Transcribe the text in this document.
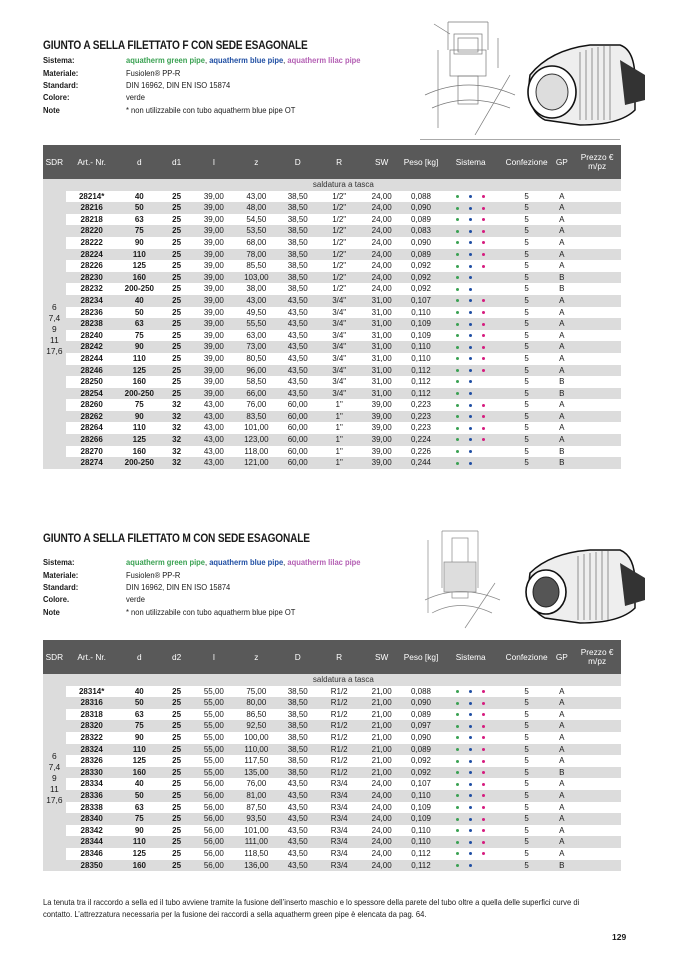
GIUNTO A SELLA FILETTATO F CON SEDE ESAGONALE
Sistema:	aquatherm green pipe, aquatherm blue pipe, aquatherm lilac pipe
Materiale:	Fusiolen® PP-R
Standard:	DIN 16962, DIN EN ISO 15874
Colore:	verde
Note	* non utilizzabile con tubo aquatherm blue pipe OT
SDR	Art.- Nr.	d	d1	l	z	D	R	SW	Peso [kg]	Sistema	Confezione	GP	Prezzo € m/pz
	saldatura a tasca												

6
7,4
9
11
17,6	28214*	40	25	39,00	43,00	38,50	1/2"	24,00	0,088		5	A	
	28216	50	25	39,00	48,00	38,50	1/2"	24,00	0,090		5	A	
	28218	63	25	39,00	54,50	38,50	1/2"	24,00	0,089		5	A	
	28220	75	25	39,00	53,50	38,50	1/2"	24,00	0,083		5	A	
	28222	90	25	39,00	68,00	38,50	1/2"	24,00	0,090		5	A	
	28224	110	25	39,00	78,00	38,50	1/2"	24,00	0,089		5	A	
	28226	125	25	39,00	85,50	38,50	1/2"	24,00	0,092		5	A	
	28230	160	25	39,00	103,00	38,50	1/2"	24,00	0,092		5	B	
	28232	200-250	25	39,00	38,00	38,50	1/2"	24,00	0,092		5	B	
	28234	40	25	39,00	43,00	43,50	3/4"	31,00	0,107		5	A	
	28236	50	25	39,00	49,50	43,50	3/4"	31,00	0,110		5	A	
	28238	63	25	39,00	55,50	43,50	3/4"	31,00	0,109		5	A	
	28240	75	25	39,00	63,00	43,50	3/4"	31,00	0,109		5	A	
	28242	90	25	39,00	73,00	43,50	3/4"	31,00	0,110		5	A	
	28244	110	25	39,00	80,50	43,50	3/4"	31,00	0,110		5	A	
	28246	125	25	39,00	96,00	43,50	3/4"	31,00	0,112		5	A	
	28250	160	25	39,00	58,50	43,50	3/4"	31,00	0,112		5	B	
	28254	200-250	25	39,00	66,00	43,50	3/4"	31,00	0,112		5	B	
	28260	75	32	43,00	76,00	60,00	1"	39,00	0,223		5	A	
	28262	90	32	43,00	83,50	60,00	1"	39,00	0,223		5	A	
	28264	110	32	43,00	101,00	60,00	1"	39,00	0,223		5	A	
	28266	125	32	43,00	123,00	60,00	1"	39,00	0,224		5	A	
	28270	160	32	43,00	118,00	60,00	1"	39,00	0,226		5	B	
	28274	200-250	32	43,00	121,00	60,00	1"	39,00	0,244		5	B	
GIUNTO A SELLA FILETTATO M CON SEDE ESAGONALE
Sistema:	aquatherm green pipe, aquatherm blue pipe, aquatherm lilac pipe
Materiale:	Fusiolen® PP-R
Standard:	DIN 16962, DIN EN ISO 15874
Colore.	verde
Note	* non utilizzabile con tubo aquatherm blue pipe OT
SDR	Art.- Nr.	d	d2	l	z	D	R	SW	Peso [kg]	Sistema	Confezione	GP	Prezzo € m/pz
	saldatura a tasca												

6
7,4
9
11
17,6	28314*	40	25	55,00	75,00	38,50	R1/2	21,00	0,088		5	A	
	28316	50	25	55,00	80,00	38,50	R1/2	21,00	0,090		5	A	
	28318	63	25	55,00	86,50	38,50	R1/2	21,00	0,089		5	A	
	28320	75	25	55,00	92,50	38,50	R1/2	21,00	0,097		5	A	
	28322	90	25	55,00	100,00	38,50	R1/2	21,00	0,090		5	A	
	28324	110	25	55,00	110,00	38,50	R1/2	21,00	0,089		5	A	
	28326	125	25	55,00	117,50	38,50	R1/2	21,00	0,092		5	A	
	28330	160	25	55,00	135,00	38,50	R1/2	21,00	0,092		5	B	
	28334	40	25	56,00	76,00	43,50	R3/4	24,00	0,107		5	A	
	28336	50	25	56,00	81,00	43,50	R3/4	24,00	0,110		5	A	
	28338	63	25	56,00	87,50	43,50	R3/4	24,00	0,109		5	A	
	28340	75	25	56,00	93,50	43,50	R3/4	24,00	0,109		5	A	
	28342	90	25	56,00	101,00	43,50	R3/4	24,00	0,110		5	A	
	28344	110	25	56,00	111,00	43,50	R3/4	24,00	0,110		5	A	
	28346	125	25	56,00	118,50	43,50	R3/4	24,00	0,112		5	A	
	28350	160	25	56,00	136,00	43,50	R3/4	24,00	0,112		5	B	
La tenuta tra il raccordo a sella ed il tubo avviene tramite la fusione dell’inserto maschio e lo spessore della parete del tubo oltre a quella delle superfici curve di contatto. L’attrezzatura necessaria per la fusione dei raccordi a sella aquatherm green pipe è elencata da pag. 64.
129
